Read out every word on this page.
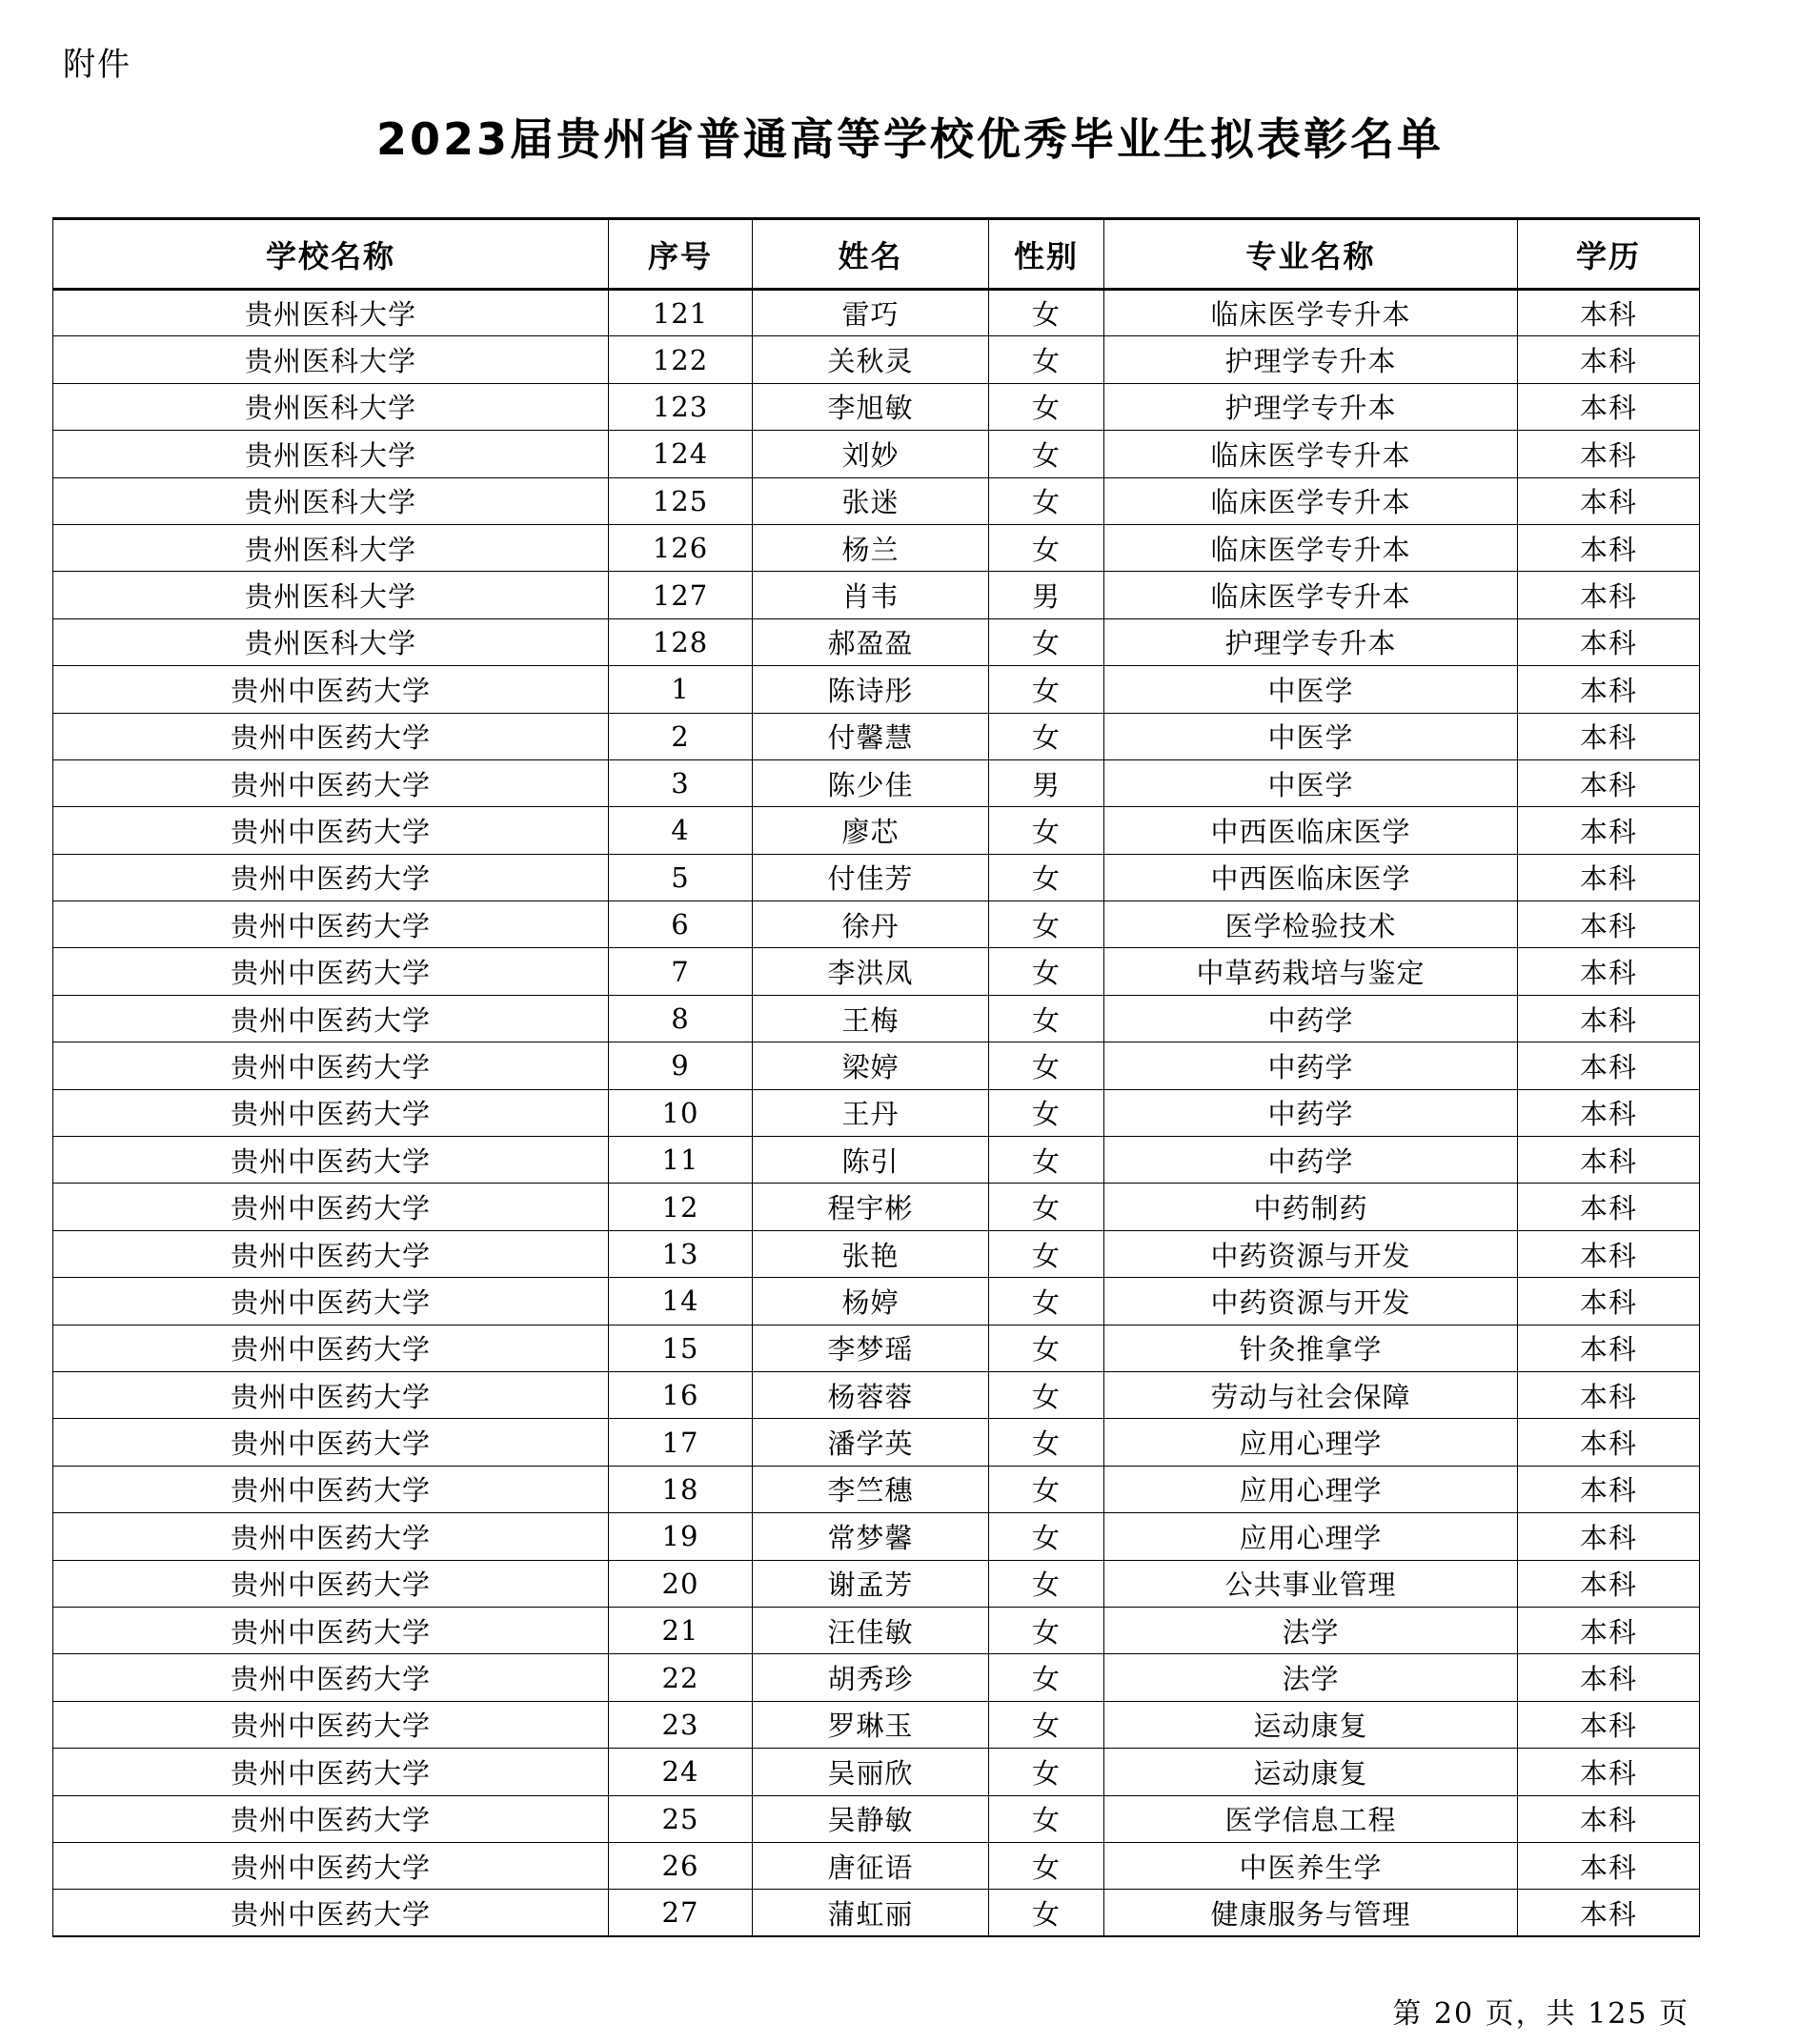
附件
2023届贵州省普通高等学校优秀毕业生拟表彰名单
学校名称	序号	姓名	性别	专业名称	学历
贵州医科大学	121	雷巧	女	临床医学专升本	本科
贵州医科大学	122	关秋灵	女	护理学专升本	本科
贵州医科大学	123	李旭敏	女	护理学专升本	本科
贵州医科大学	124	刘妙	女	临床医学专升本	本科
贵州医科大学	125	张迷	女	临床医学专升本	本科
贵州医科大学	126	杨兰	女	临床医学专升本	本科
贵州医科大学	127	肖韦	男	临床医学专升本	本科
贵州医科大学	128	郝盈盈	女	护理学专升本	本科
贵州中医药大学	1	陈诗彤	女	中医学	本科
贵州中医药大学	2	付馨慧	女	中医学	本科
贵州中医药大学	3	陈少佳	男	中医学	本科
贵州中医药大学	4	廖芯	女	中西医临床医学	本科
贵州中医药大学	5	付佳芳	女	中西医临床医学	本科
贵州中医药大学	6	徐丹	女	医学检验技术	本科
贵州中医药大学	7	李洪凤	女	中草药栽培与鉴定	本科
贵州中医药大学	8	王梅	女	中药学	本科
贵州中医药大学	9	梁婷	女	中药学	本科
贵州中医药大学	10	王丹	女	中药学	本科
贵州中医药大学	11	陈引	女	中药学	本科
贵州中医药大学	12	程宇彬	女	中药制药	本科
贵州中医药大学	13	张艳	女	中药资源与开发	本科
贵州中医药大学	14	杨婷	女	中药资源与开发	本科
贵州中医药大学	15	李梦瑶	女	针灸推拿学	本科
贵州中医药大学	16	杨蓉蓉	女	劳动与社会保障	本科
贵州中医药大学	17	潘学英	女	应用心理学	本科
贵州中医药大学	18	李竺穗	女	应用心理学	本科
贵州中医药大学	19	常梦馨	女	应用心理学	本科
贵州中医药大学	20	谢孟芳	女	公共事业管理	本科
贵州中医药大学	21	汪佳敏	女	法学	本科
贵州中医药大学	22	胡秀珍	女	法学	本科
贵州中医药大学	23	罗琳玉	女	运动康复	本科
贵州中医药大学	24	吴丽欣	女	运动康复	本科
贵州中医药大学	25	吴静敏	女	医学信息工程	本科
贵州中医药大学	26	唐征语	女	中医养生学	本科
贵州中医药大学	27	蒲虹丽	女	健康服务与管理	本科
第 20 页，共 125 页
